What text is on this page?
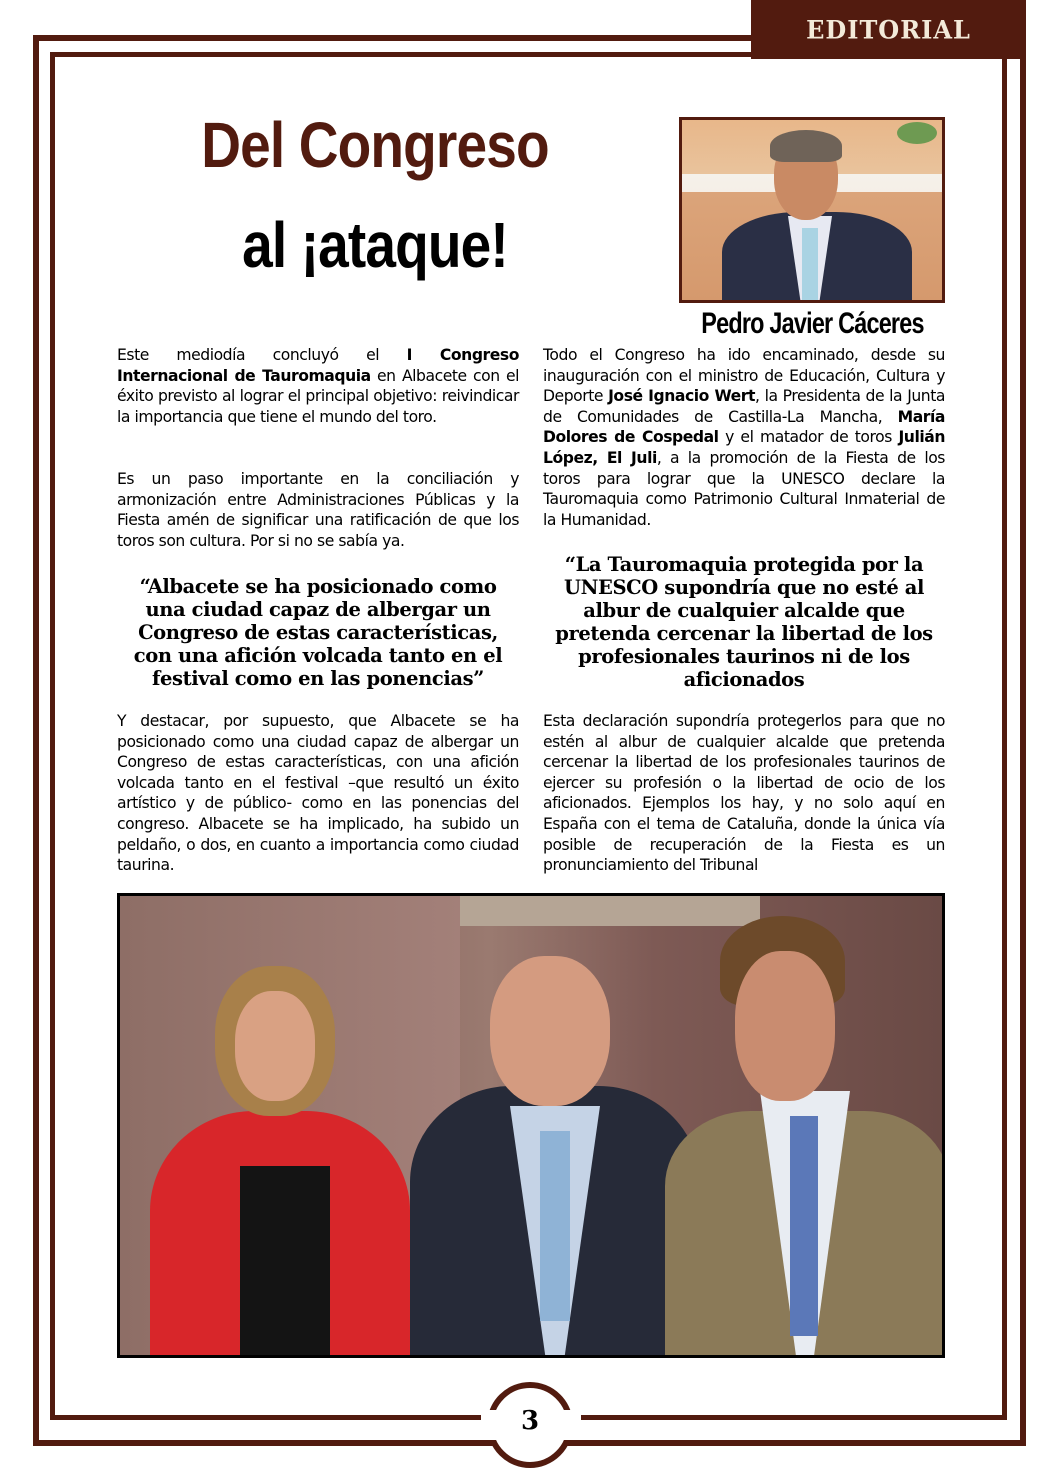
EDITORIAL
Del Congreso
al ¡ataque!
Pedro Javier Cáceres

Este mediodía concluyó el I Congreso Internacional de Tauromaquia en Albacete con el éxito previsto al lograr el principal objetivo: reivindicar la importancia que tiene el mundo del toro.

Es un paso importante en la conciliación y armonización entre Administraciones Públicas y la Fiesta amén de significar una ratificación de que los toros son cultura. Por si no se sabía ya.

“Albacete se ha posicionado como una ciudad capaz de albergar un Congreso de estas características, con una afición volcada tanto en el festival como en las ponencias”

Y destacar, por supuesto, que Albacete se ha posicionado como una ciudad capaz de albergar un Congreso de estas características, con una afición volcada tanto en el festival –que resultó un éxito artístico y de público- como en las ponencias del congreso. Albacete se ha implicado, ha subido un peldaño, o dos, en cuanto a importancia como ciudad taurina.

Todo el Congreso ha ido encaminado, desde su inauguración con el ministro de Educación, Cultura y Deporte José Ignacio Wert, la Presidenta de la Junta de Comunidades de Castilla-La Mancha, María Dolores de Cospedal y el matador de toros Julián López, El Juli, a la promoción de la Fiesta de los toros para lograr que la UNESCO declare la Tauromaquia como Patrimonio Cultural Inmaterial de la Humanidad.

“La Tauromaquia protegida por la UNESCO supondría que no esté al albur de cualquier alcalde que pretenda cercenar la libertad de los profesionales taurinos ni de los aficionados

Esta declaración supondría protegerlos para que no estén al albur de cualquier alcalde que pretenda cercenar la libertad de los profesionales taurinos de ejercer su profesión o la libertad de ocio de los aficionados. Ejemplos los hay, y no solo aquí en España con el tema de Cataluña, donde la única vía posible de recuperación de la Fiesta es un pronunciamiento del Tribunal

3
